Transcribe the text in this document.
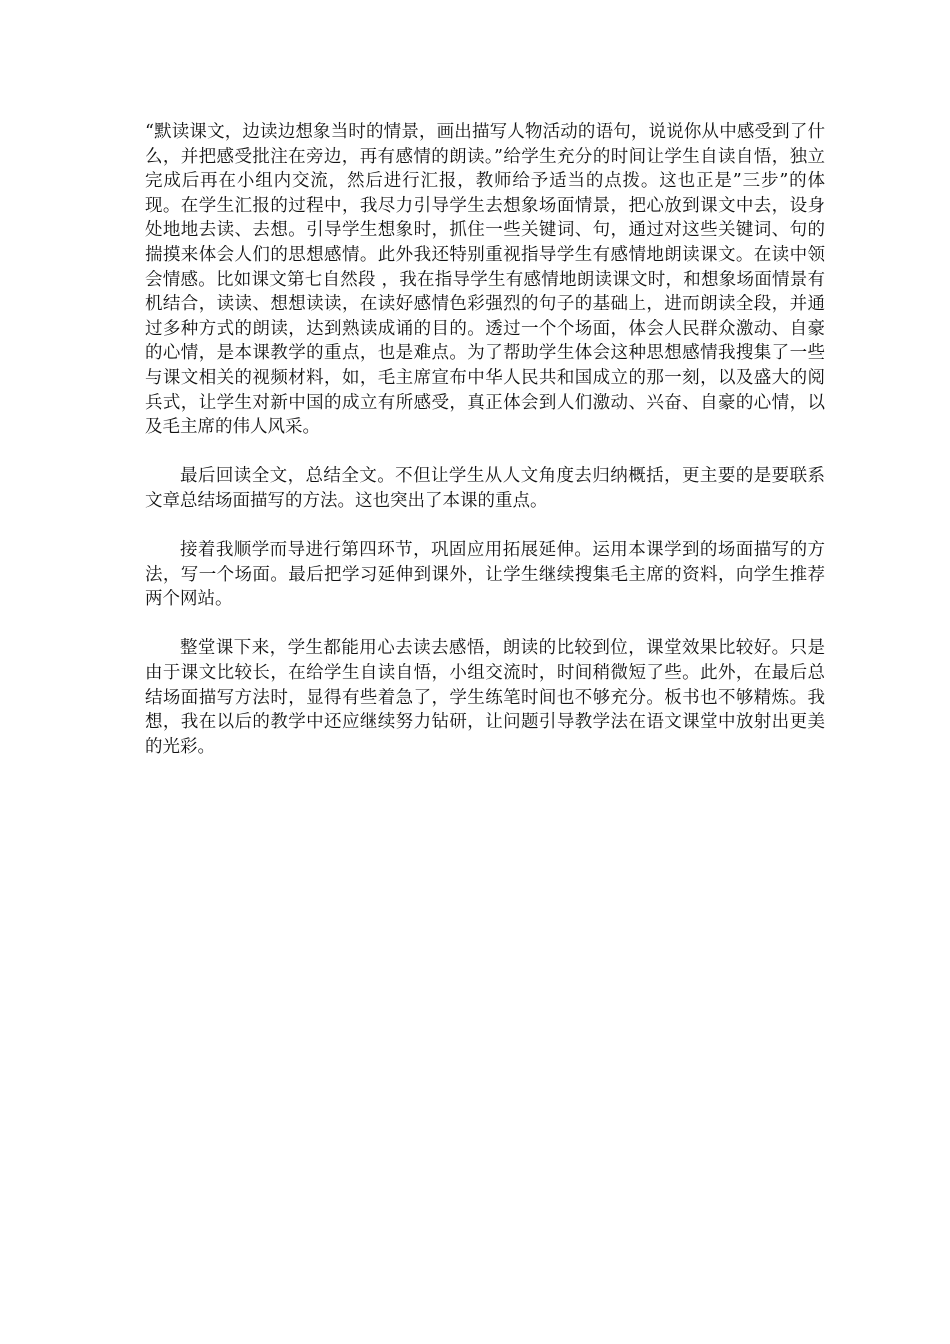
“默读课文，边读边想象当时的情景，画出描写人物活动的语句，说说你从中感受到了什么，并把感受批注在旁边，再有感情的朗读。”给学生充分的时间让学生自读自悟，独立完成后再在小组内交流，然后进行汇报，教师给予适当的点拨。这也正是”三步”的体现。在学生汇报的过程中，我尽力引导学生去想象场面情景，把心放到课文中去，设身处地地去读、去想。引导学生想象时，抓住一些关键词、句，通过对这些关键词、句的揣摸来体会人们的思想感情。此外我还特别重视指导学生有感情地朗读课文。在读中领会情感。比如课文第七自然段 ，我在指导学生有感情地朗读课文时，和想象场面情景有机结合，读读、想想读读，在读好感情色彩强烈的句子的基础上，进而朗读全段，并通过多种方式的朗读，达到熟读成诵的目的。透过一个个场面，体会人民群众激动、自豪的心情，是本课教学的重点，也是难点。为了帮助学生体会这种思想感情我搜集了一些与课文相关的视频材料，如，毛主席宣布中华人民共和国成立的那一刻，以及盛大的阅兵式，让学生对新中国的成立有所感受，真正体会到人们激动、兴奋、自豪的心情，以及毛主席的伟人风采。

最后回读全文，总结全文。不但让学生从人文角度去归纳概括，更主要的是要联系文章总结场面描写的方法。这也突出了本课的重点。

接着我顺学而导进行第四环节，巩固应用拓展延伸。运用本课学到的场面描写的方法，写一个场面。最后把学习延伸到课外，让学生继续搜集毛主席的资料，向学生推荐两个网站。

整堂课下来，学生都能用心去读去感悟，朗读的比较到位，课堂效果比较好。只是由于课文比较长，在给学生自读自悟，小组交流时，时间稍微短了些。此外，在最后总结场面描写方法时，显得有些着急了，学生练笔时间也不够充分。板书也不够精炼。我想，我在以后的教学中还应继续努力钻研，让问题引导教学法在语文课堂中放射出更美的光彩。
